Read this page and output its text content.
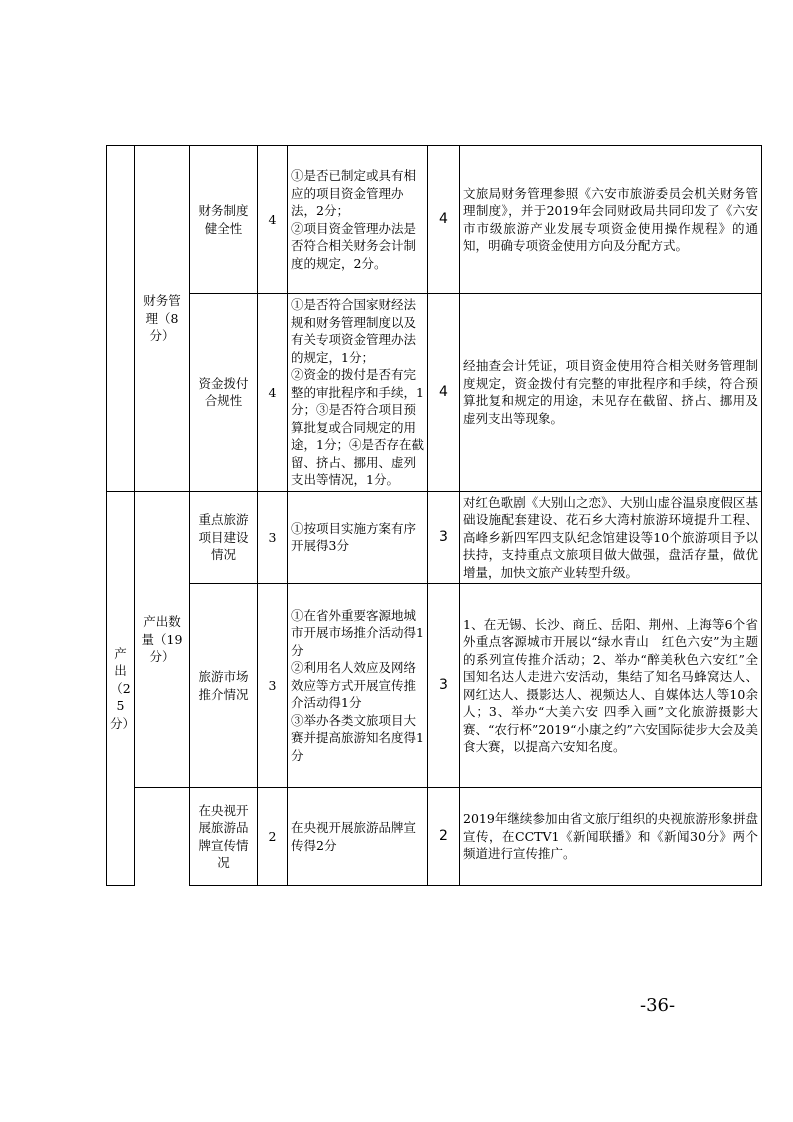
	财务管理（8分）	财务制度健全性	4	①是否已制定或具有相应的项目资金管理办法，2分；
②项目资金管理办法是否符合相关财务会计制度的规定，2分。	4	文旅局财务管理参照《六安市旅游委员会机关财务管理制度》，并于2019年会同财政局共同印发了《六安市市级旅游产业发展专项资金使用操作规程》的通知，明确专项资金使用方向及分配方式。
		资金拨付合规性	4	①是否符合国家财经法规和财务管理制度以及有关专项资金管理办法的规定，1分；
②资金的拨付是否有完整的审批程序和手续，1分；③是否符合项目预算批复或合同规定的用途，1分；④是否存在截留、挤占、挪用、虚列支出等情况，1分。	4	经抽查会计凭证，项目资金使用符合相关财务管理制度规定，资金拨付有完整的审批程序和手续，符合预算批复和规定的用途，未见存在截留、挤占、挪用及虚列支出等现象。
产出（25分）	产出数量（19分）	重点旅游项目建设情况	3	①按项目实施方案有序开展得3分	3	对红色歌剧《大别山之恋》、大别山虚谷温泉度假区基础设施配套建设、花石乡大湾村旅游环境提升工程、高峰乡新四军四支队纪念馆建设等10个旅游项目予以扶持，支持重点文旅项目做大做强，盘活存量，做优增量，加快文旅产业转型升级。
		旅游市场推介情况	3	①在省外重要客源地城市开展市场推介活动得1分
②利用名人效应及网络效应等方式开展宣传推介活动得1分
③举办各类文旅项目大赛并提高旅游知名度得1分	3	1、在无锡、长沙、商丘、岳阳、荆州、上海等6个省外重点客源城市开展以“绿水青山　红色六安”为主题的系列宣传推介活动；2、举办“醉美秋色六安红”全国知名达人走进六安活动，集结了知名马蜂窝达人、网红达人、摄影达人、视频达人、自媒体达人等10余人；3、举办“大美六安 四季入画”文化旅游摄影大赛、“农行杯”2019“小康之约”六安国际徒步大会及美食大赛，以提高六安知名度。
		在央视开展旅游品牌宣传情况	2	在央视开展旅游品牌宣传得2分	2	2019年继续参加由省文旅厅组织的央视旅游形象拼盘宣传，在CCTV1《新闻联播》和《新闻30分》两个频道进行宣传推广。
-36-
